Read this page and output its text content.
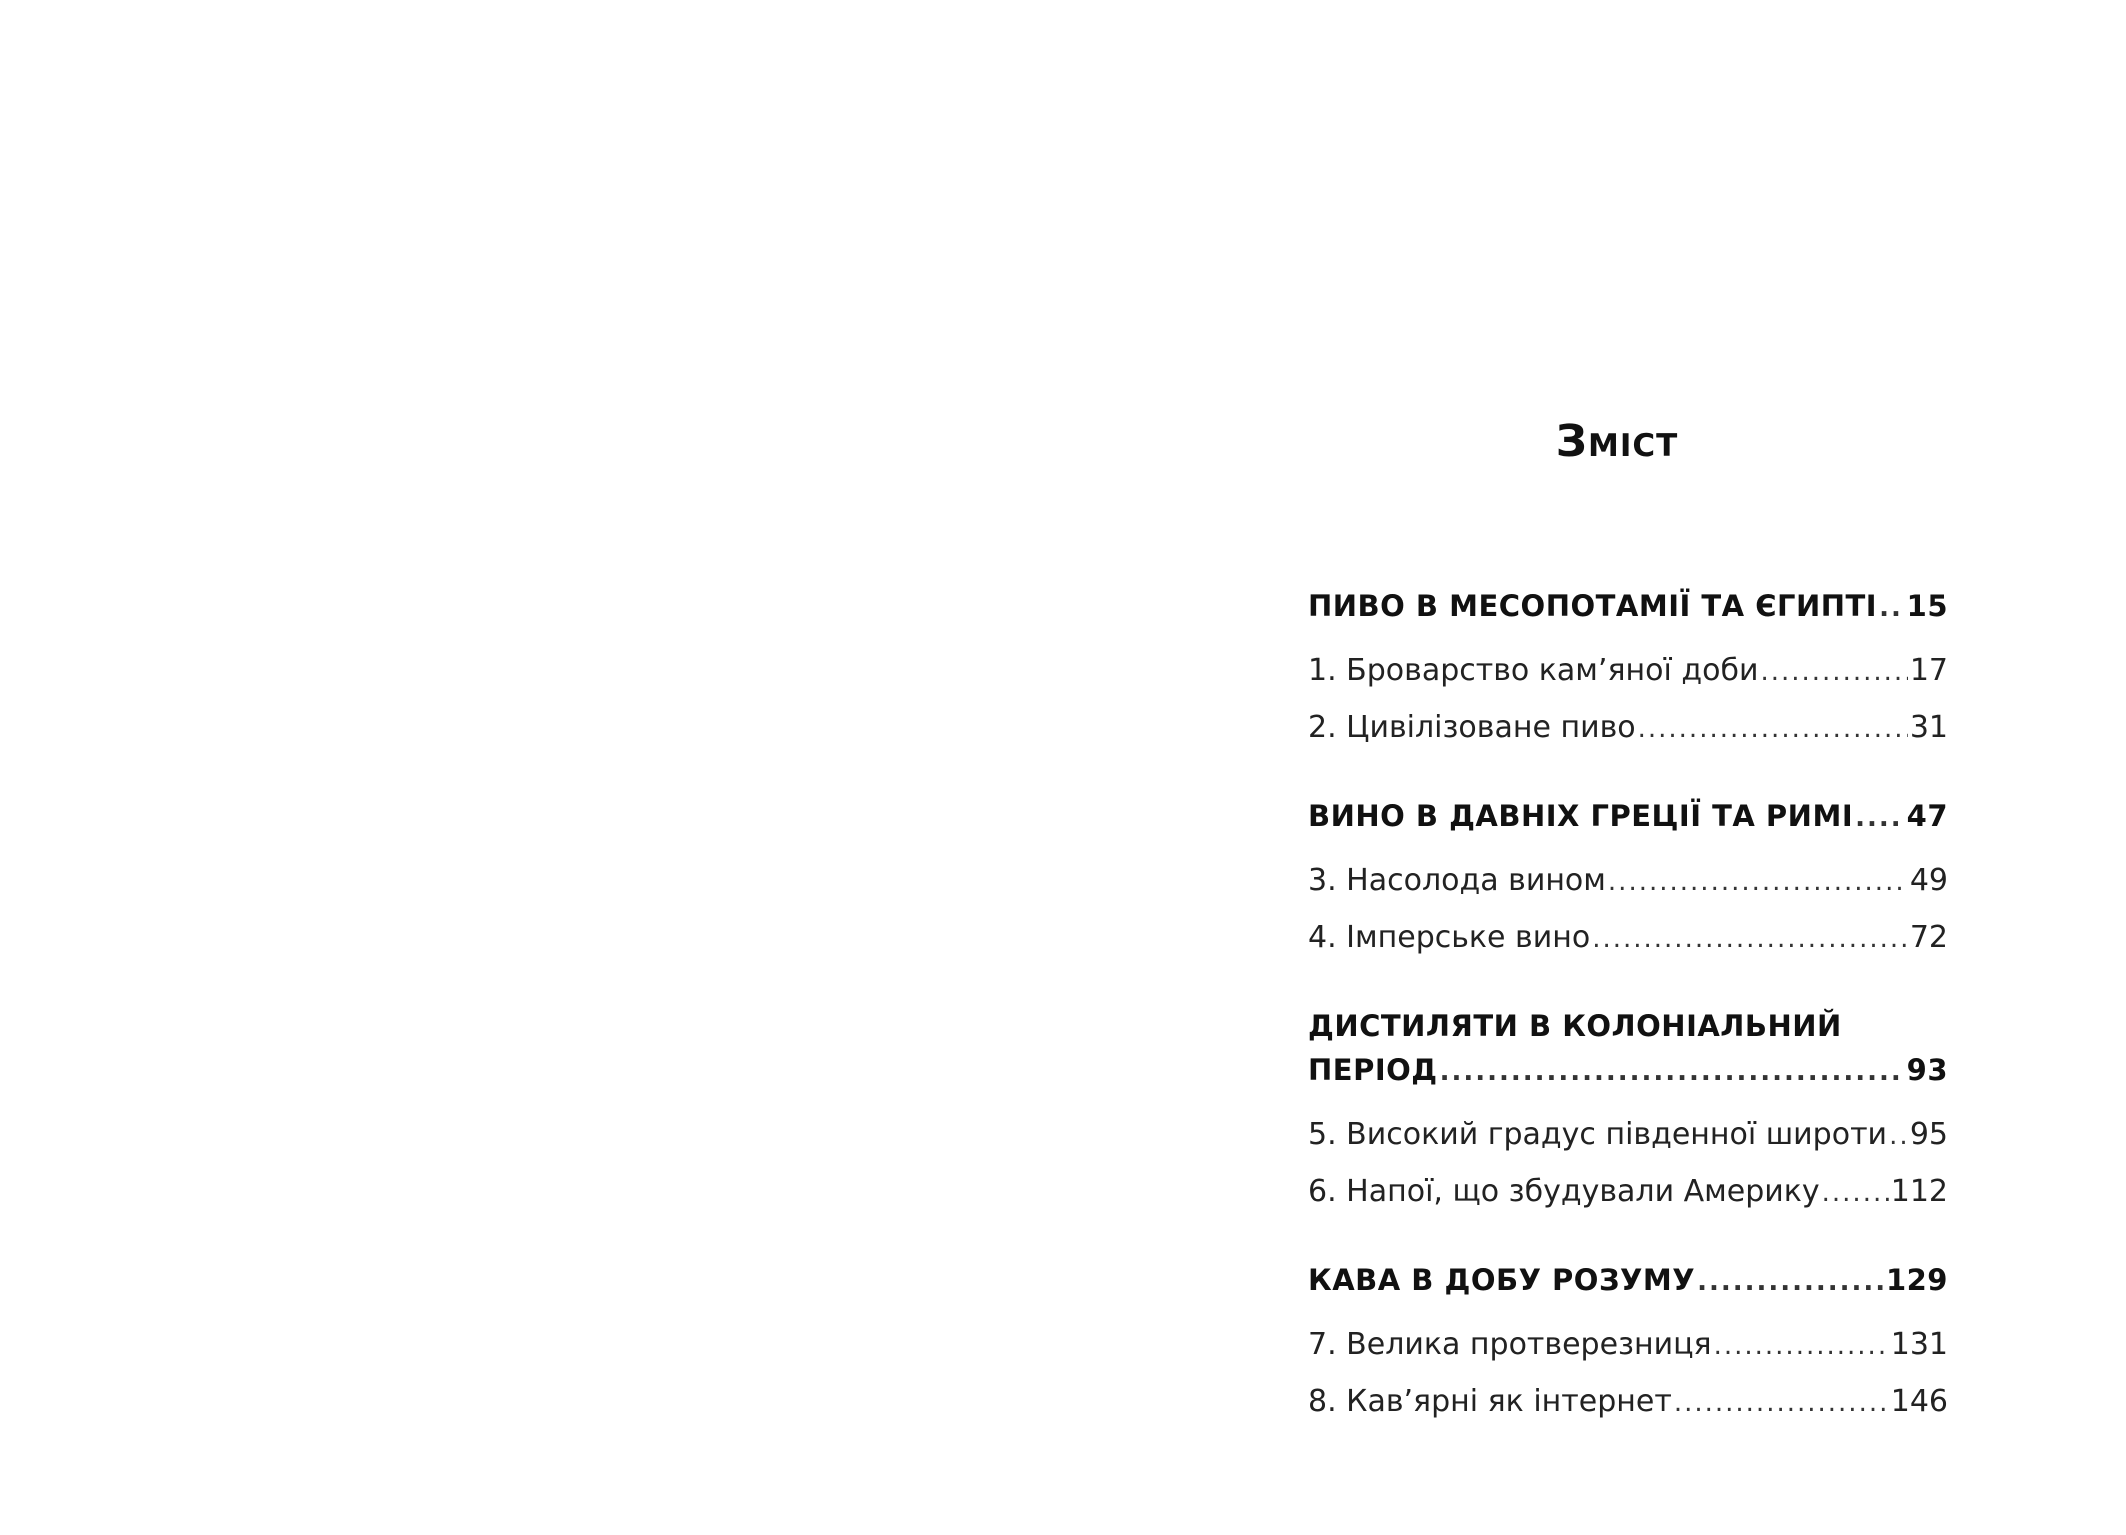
Зміст
ПИВО В МЕСОПОТАМІЇ ТА ЄГИПТІ ..... 15
1. Броварство кам’яної доби .....	17
2. Цивілізоване пиво .....	31
ВИНО В ДАВНІХ ГРЕЦІЇ ТА РИМІ ..... 47
3. Насолода вином .....	49
4. Імперське вино .....	72
ДИСТИЛЯТИ В КОЛОНІАЛЬНИЙ
ПЕРІОД .....	93
5. Високий градус південної широти ..... 95
6. Напої, що збудували Америку ..... 112
КАВА В ДОБУ РОЗУМУ .....	129
7. Велика протверезниця .....	131
8. Кав’ярні як інтернет .....	146
